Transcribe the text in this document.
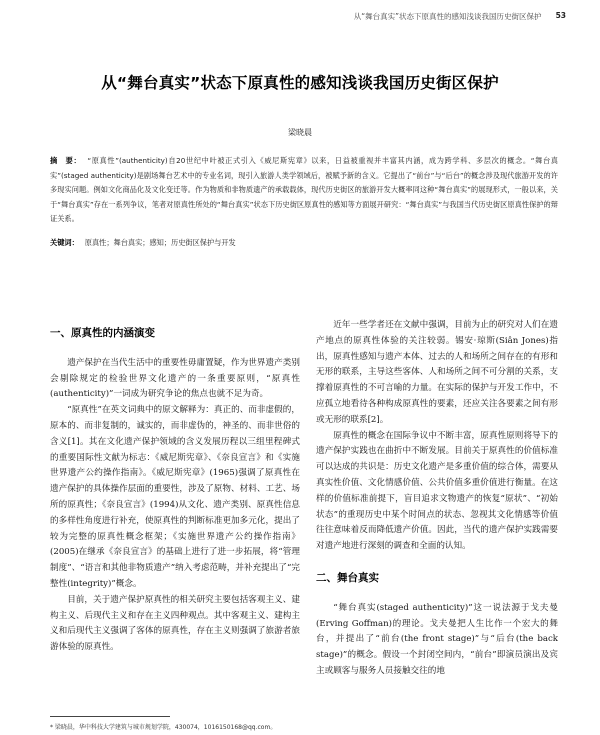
从“舞台真实”状态下原真性的感知浅谈我国历史街区保护 53
从“舞台真实”状态下原真性的感知浅谈我国历史街区保护
梁晓晨
摘　要： “原真性”(authenticity)自20世纪中叶被正式引入《威尼斯宪章》以来，日益被重视并丰富其内涵，成为跨学科、多层次的概念。“舞台真实”(staged authenticity)是剧场舞台艺术中的专业名词，现引入旅游人类学领域后，被赋予新的含义。它提出了“前台”与“后台”的概念涉及现代旅游开发的许多现实问题。例如文化商品化及文化变迁等。作为物质和非物质遗产的承载载体，现代历史街区的旅游开发大概率同这种“舞台真实”的展现形式，一般以来，关于“舞台真实”存在一系列争议，笔者对原真性所处的“舞台真实”状态下历史街区原真性的感知等方面展开研究：“舞台真实”与我国当代历史街区原真性保护的辩证关系。
关键词： 原真性；舞台真实；感知；历史街区保护与开发
一、原真性的内涵演变

遗产保护在当代生活中的重要性毋庸置疑，作为世界遗产类别会剔除规定的检验世界文化遗产的一条重要原则，“原真性(authenticity)”一词成为研究争论的焦点也就不足为奇。

“原真性”在英文词典中的原文解释为：真正的、而非虚假的，原本的、而非复制的，诚实的，而非虚伪的，神圣的、而非世俗的含义[1]。其在文化遗产保护领域的含义发展历程以三组里程碑式的重要国际性文献为标志：《威尼斯宪章》、《奈良宣言》和《实施世界遗产公约操作指南》。《威尼斯宪章》(1965)强调了原真性在遗产保护的具体操作层面的重要性，涉及了原物、材料、工艺、场所的原真性；《奈良宣言》(1994)从文化、遗产类别、原真性信息的多样性角度进行补充，使原真性的判断标准更加多元化，提出了较为完整的原真性概念框架；《实施世界遗产公约操作指南》(2005)在继承《奈良宣言》的基础上进行了进一步拓展，将“管理制度”、“语言和其他非物质遗产”纳入考虑范畴，并补充提出了“完整性(integrity)”概念。

目前，关于遗产保护原真性的相关研究主要包括客观主义、建构主义、后现代主义和存在主义四种观点。其中客观主义、建构主义和后现代主义强调了客体的原真性，存在主义则强调了旅游者旅游体验的原真性。

近年一些学者还在文献中强调，目前为止的研究对人们在遗产地点的原真性体验的关注较弱。锡安·琼斯(Siân Jones)指出，原真性感知与遗产本体、过去的人和场所之间存在的有形和无形的联系，主导这些客体、人和场所之间不可分割的关系，支撑着原真性的不可言喻的力量。在实际的保护与开发工作中，不应孤立地看待各种构成原真性的要素，还应关注各要素之间有形或无形的联系[2]。

原真性的概念在国际争议中不断丰富，原真性原则将导下的遗产保护实践也在曲折中不断发展。目前关于原真性的价值标准可以达成的共识是：历史文化遗产是多重价值的综合体，需要从真实性价值、文化情感价值、公共价值多重价值进行衡量。在这样的价值标准前提下，盲目追求文物遗产的恢复“原状”、“初始状态”的重现历史中某个时间点的状态、忽视其文化情感等价值往往意味着反而降低遗产价值。因此，当代的遗产保护实践需要对遗产地进行深刻的调查和全面的认知。

二、舞台真实

“舞台真实(staged authenticity)”这一说法源于戈夫曼(Erving Goffman)的理论。戈夫曼把人生比作一个宏大的舞台，并提出了“前台(the front stage)”与“后台(the back stage)”的概念。假设一个封闭空间内，“前台”即演员演出及宾主或顾客与服务人员接触交往的地

* 梁晓晨，华中科技大学建筑与城市规划学院，430074，1016150168@qq.com。
